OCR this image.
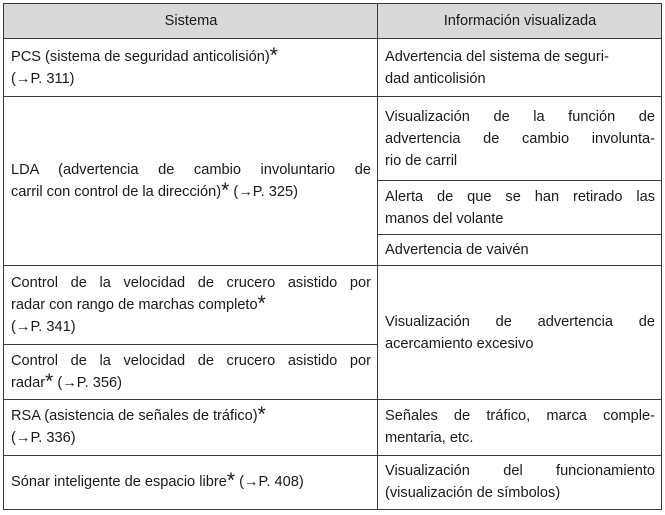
Sistema	Información visualizada
PCS (sistema de seguridad anticolisión)*
(→P. 311)	Advertencia del sistema de seguri-
dad anticolisión

LDA (advertencia de cambio involuntario de
carril con control de la dirección)* (→P. 325)	Visualización de la función de
advertencia de cambio involunta-
rio de carril

	Alerta de que se han retirado las
manos del volante

	Advertencia de vaivén

Control de la velocidad de crucero asistido por
radar con rango de marchas completo*
(→P. 341)	Visualización de advertencia de
acercamiento excesivo

Control de la velocidad de crucero asistido por
radar* (→P. 356)	
RSA (asistencia de señales de tráfico)*
(→P. 336)	Señales de tráfico, marca comple-
mentaria, etc.

Sónar inteligente de espacio libre* (→P. 408)	Visualización del funcionamiento
(visualización de símbolos)
